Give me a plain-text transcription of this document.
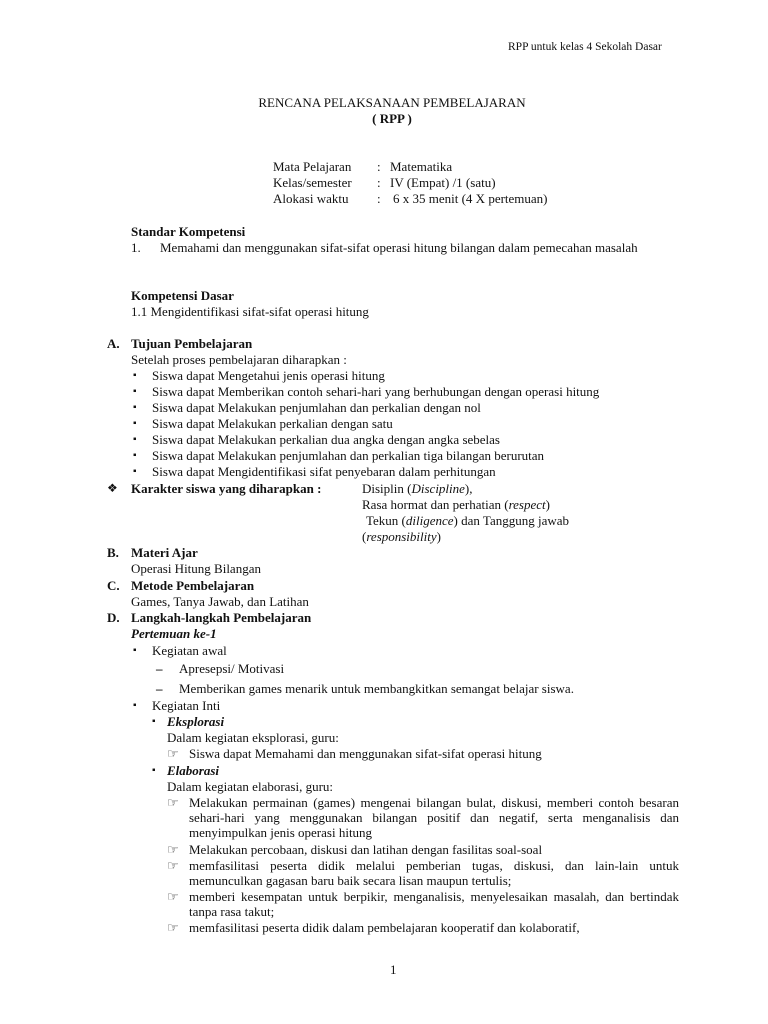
RPP untuk kelas 4 Sekolah Dasar
RENCANA PELAKSANAAN PEMBELAJARAN
( RPP )
Mata Pelajaran : Matematika
Kelas/semester : IV (Empat) /1 (satu)
Alokasi waktu : 6 x 35 menit (4 X pertemuan)
Standar Kompetensi
1. Memahami dan menggunakan sifat-sifat operasi hitung bilangan dalam pemecahan masalah
Kompetensi Dasar
1.1 Mengidentifikasi sifat-sifat operasi hitung
A. Tujuan Pembelajaran
Setelah proses pembelajaran diharapkan :
▪ Siswa dapat Mengetahui jenis operasi hitung
▪ Siswa dapat Memberikan contoh sehari-hari yang berhubungan dengan operasi hitung
▪ Siswa dapat Melakukan penjumlahan dan perkalian dengan nol
▪ Siswa dapat Melakukan perkalian dengan satu
▪ Siswa dapat Melakukan perkalian dua angka dengan angka sebelas
▪ Siswa dapat Melakukan penjumlahan dan perkalian tiga bilangan berurutan
▪ Siswa dapat Mengidentifikasi sifat penyebaran dalam perhitungan
❖ Karakter siswa yang diharapkan :	Disiplin (Discipline),
Rasa hormat dan perhatian (respect)
Tekun (diligence) dan Tanggung jawab
(responsibility)
B. Materi Ajar
Operasi Hitung Bilangan
C. Metode Pembelajaran
Games, Tanya Jawab, dan Latihan
D. Langkah-langkah Pembelajaran
Pertemuan ke-1
▪ Kegiatan awal
– Apresepsi/ Motivasi
– Memberikan games menarik untuk membangkitkan semangat belajar siswa.
▪ Kegiatan Inti
▪ Eksplorasi
Dalam kegiatan eksplorasi, guru:
☞ Siswa dapat Memahami dan menggunakan sifat-sifat operasi hitung
▪ Elaborasi
Dalam kegiatan elaborasi, guru:
☞ Melakukan permainan (games) mengenai bilangan bulat, diskusi, memberi contoh besaran sehari-hari yang menggunakan bilangan positif dan negatif, serta menganalisis dan menyimpulkan jenis operasi hitung
☞ Melakukan percobaan, diskusi dan latihan dengan fasilitas soal-soal
☞ memfasilitasi peserta didik melalui pemberian tugas, diskusi, dan lain-lain untuk memunculkan gagasan baru baik secara lisan maupun tertulis;
☞ memberi kesempatan untuk berpikir, menganalisis, menyelesaikan masalah, dan bertindak tanpa rasa takut;
☞ memfasilitasi peserta didik dalam pembelajaran kooperatif dan kolaboratif,
1
